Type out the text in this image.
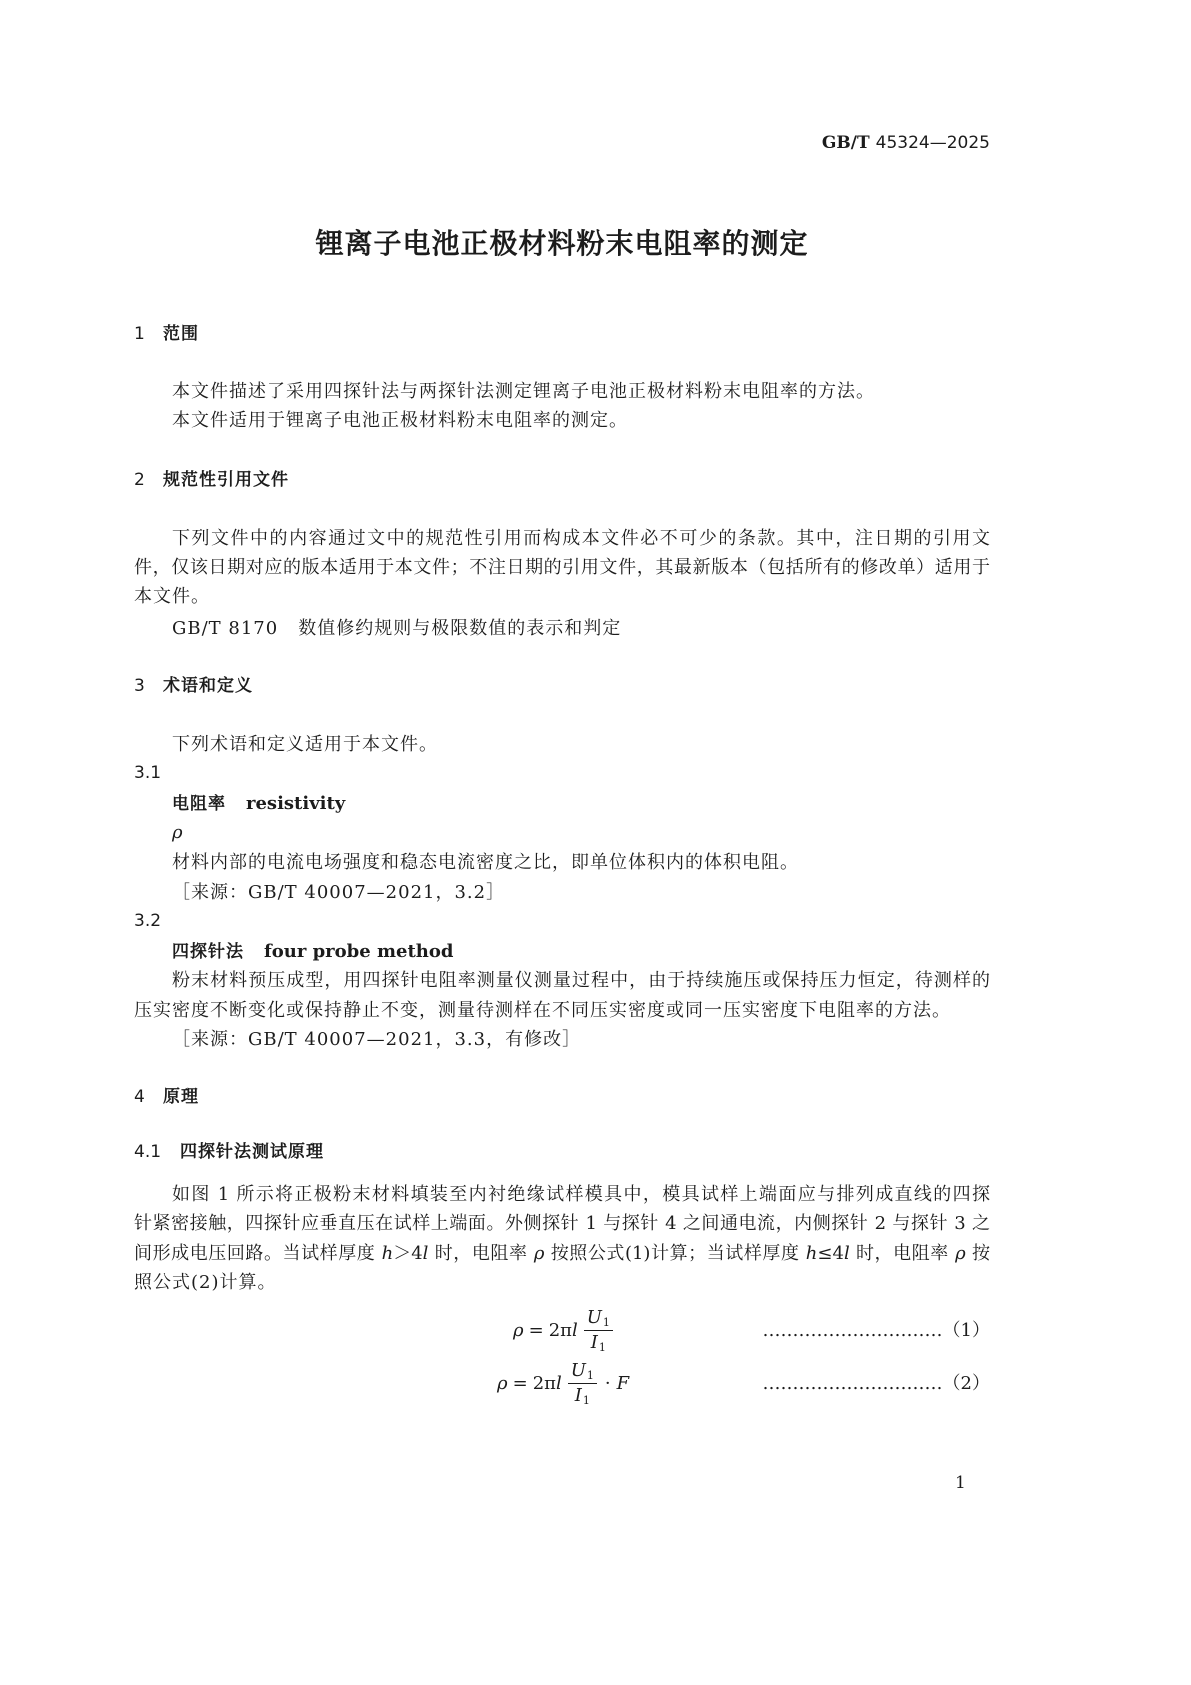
GB/T 45324—2025
锂离子电池正极材料粉末电阻率的测定
1 范围
本文件描述了采用四探针法与两探针法测定锂离子电池正极材料粉末电阻率的方法。
本文件适用于锂离子电池正极材料粉末电阻率的测定。
2 规范性引用文件
下列文件中的内容通过文中的规范性引用而构成本文件必不可少的条款。其中，注日期的引用文
件，仅该日期对应的版本适用于本文件；不注日期的引用文件，其最新版本（包括所有的修改单）适用于
本文件。
GB/T 8170 数值修约规则与极限数值的表示和判定
3 术语和定义
下列术语和定义适用于本文件。
3.1
电阻率 resistivity
ρ
材料内部的电流电场强度和稳态电流密度之比，即单位体积内的体积电阻。
［来源：GB/T 40007—2021，3.2］
3.2
四探针法 four probe method
粉末材料预压成型，用四探针电阻率测量仪测量过程中，由于持续施压或保持压力恒定，待测样的
压实密度不断变化或保持静止不变，测量待测样在不同压实密度或同一压实密度下电阻率的方法。
［来源：GB/T 40007—2021，3.3，有修改］
4 原理
4.1 四探针法测试原理
如图 1 所示将正极粉末材料填装至内衬绝缘试样模具中，模具试样上端面应与排列成直线的四探
针紧密接触，四探针应垂直压在试样上端面。外侧探针 1 与探针 4 之间通电流，内侧探针 2 与探针 3 之
间形成电压回路。当试样厚度 h＞4l 时，电阻率 ρ 按照公式(1)计算；当试样厚度 h≤4l 时，电阻率 ρ 按
照公式(2)计算。
ρ = 2π l $\frac{U_1}{I_1}$	…………………………（1）
ρ = 2π l $\frac{U_1}{I_1} \cdot F$	…………………………（2）
1
